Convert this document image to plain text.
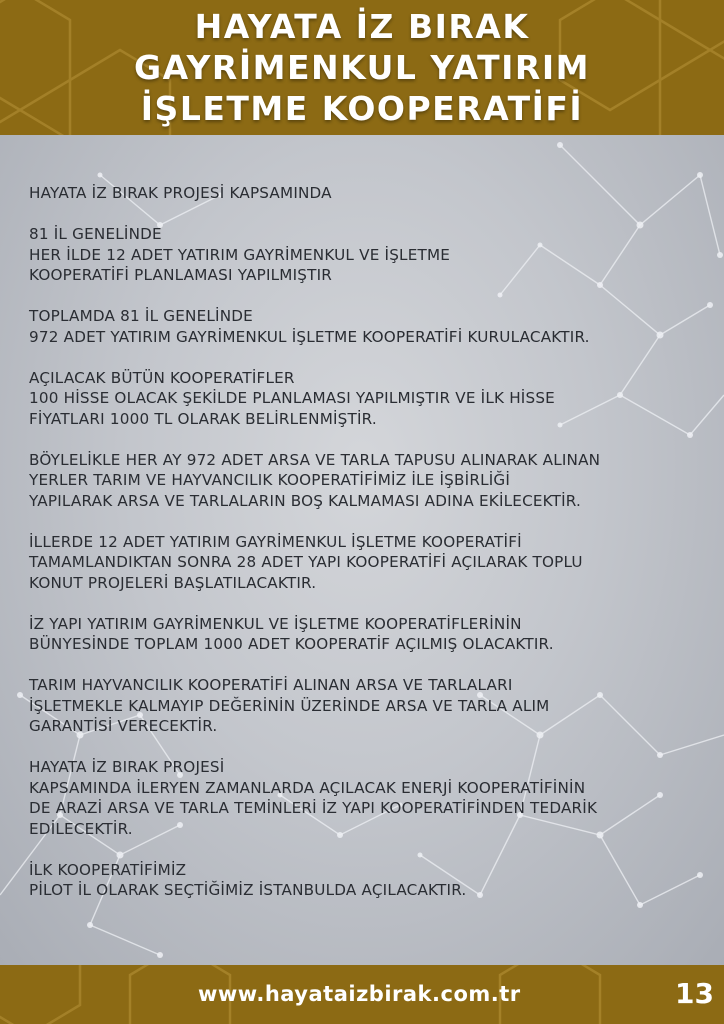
HAYATA İZ BIRAK
GAYRİMENKUL YATIRIM
İŞLETME KOOPERATİFİ
HAYATA İZ BIRAK PROJESİ KAPSAMINDA
81 İL GENELİNDE
HER İLDE 12 ADET YATIRIM GAYRİMENKUL VE İŞLETME
KOOPERATİFİ PLANLAMASI YAPILMIŞTIR
TOPLAMDA 81 İL GENELİNDE
972 ADET YATIRIM GAYRİMENKUL İŞLETME KOOPERATİFİ KURULACAKTIR.
AÇILACAK BÜTÜN KOOPERATİFLER
100 HİSSE OLACAK ŞEKİLDE PLANLAMASI YAPILMIŞTIR VE İLK HİSSE
FİYATLARI 1000 TL OLARAK BELİRLENMİŞTİR.
BÖYLELİKLE HER AY 972 ADET ARSA VE TARLA TAPUSU ALINARAK ALINAN
YERLER TARIM VE HAYVANCILIK KOOPERATİFİMİZ İLE İŞBİRLİĞİ
YAPILARAK ARSA VE TARLALARIN BOŞ KALMAMASI ADINA EKİLECEKTİR.
İLLERDE 12 ADET YATIRIM GAYRİMENKUL İŞLETME KOOPERATİFİ
TAMAMLANDIKTAN SONRA 28 ADET YAPI KOOPERATİFİ AÇILARAK TOPLU
KONUT PROJELERİ BAŞLATILACAKTIR.
İZ YAPI YATIRIM GAYRİMENKUL VE İŞLETME KOOPERATİFLERİNİN
BÜNYESİNDE TOPLAM 1000 ADET KOOPERATİF AÇILMIŞ OLACAKTIR.
TARIM HAYVANCILIK KOOPERATİFİ ALINAN ARSA VE TARLALARI
İŞLETMEKLE KALMAYIP DEĞERİNİN ÜZERİNDE ARSA VE TARLA ALIM
GARANTİSİ VERECEKTİR.
HAYATA İZ BIRAK PROJESİ
KAPSAMINDA İLERYEN ZAMANLARDA AÇILACAK ENERJİ KOOPERATİFİNİN
DE ARAZİ ARSA VE TARLA TEMİNLERİ İZ YAPI KOOPERATİFİNDEN TEDARİK
EDİLECEKTİR.
İLK KOOPERATİFİMİZ
PİLOT İL OLARAK SEÇTİĞİMİZ İSTANBULDA AÇILACAKTIR.
www.hayataizbirak.com.tr	13
